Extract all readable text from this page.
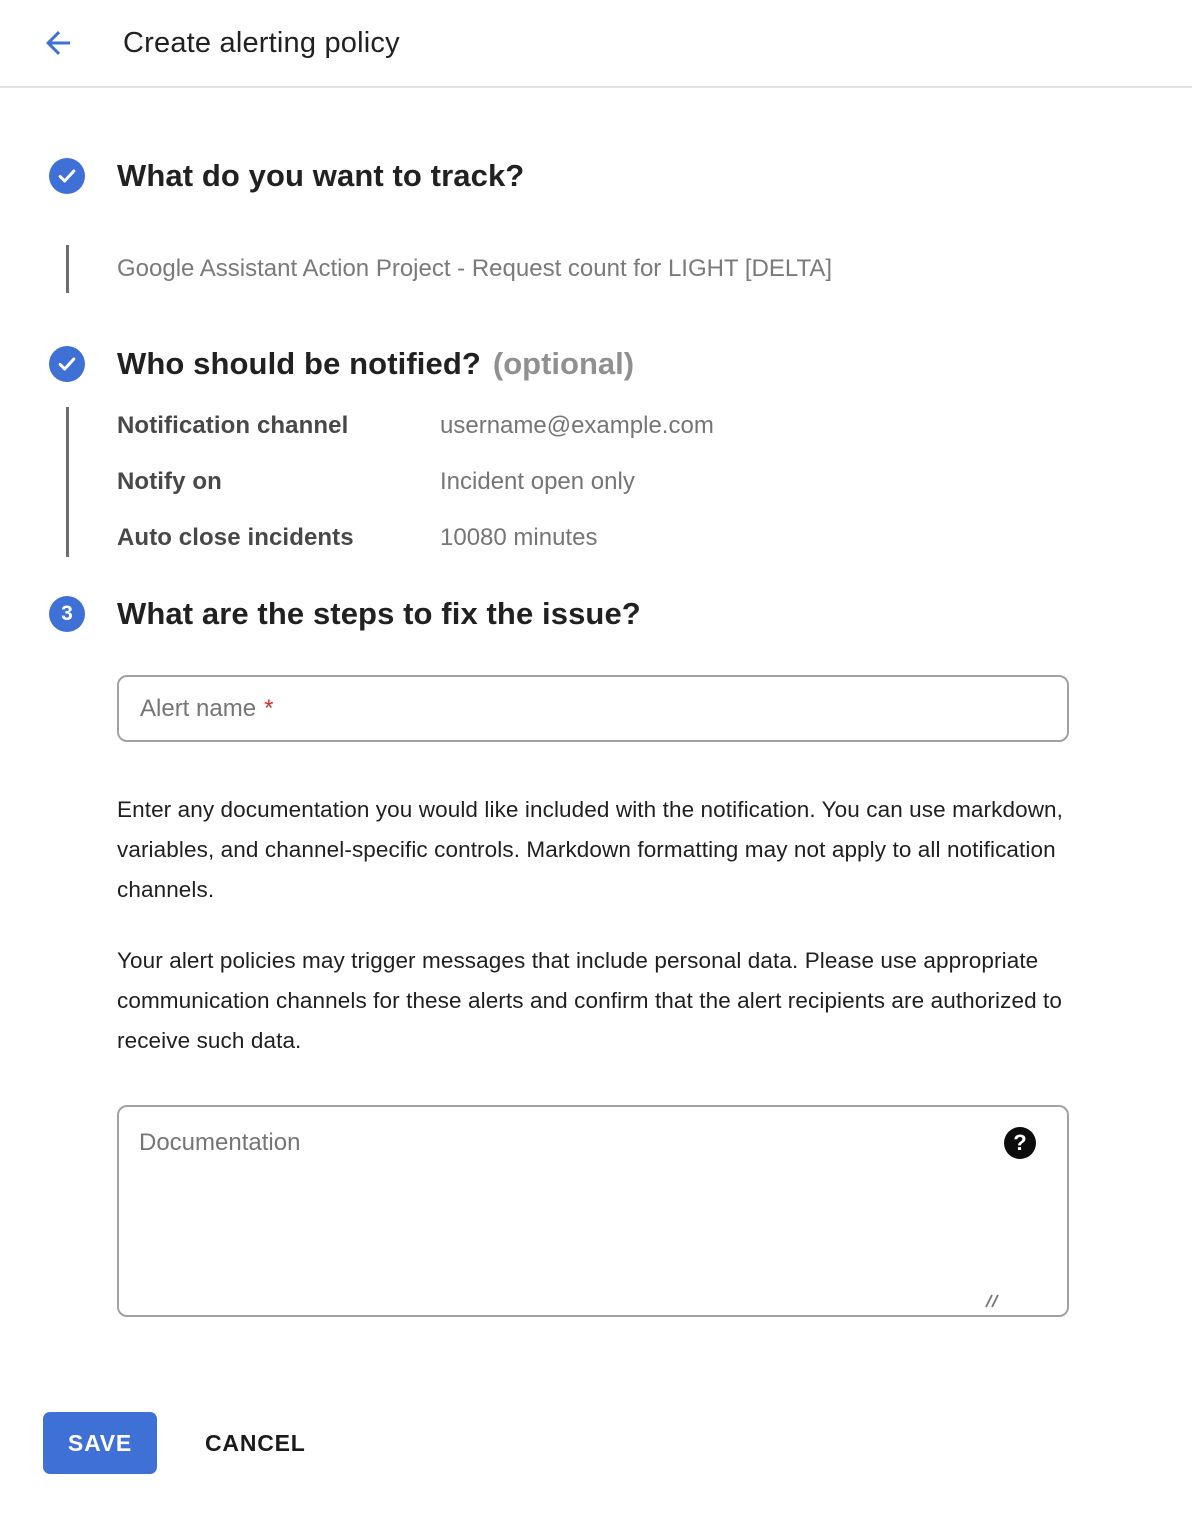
Create alerting policy
What do you want to track?
Google Assistant Action Project - Request count for LIGHT [DELTA]
Who should be notified? (optional)
Notification channel	username@example.com
Notify on	Incident open only
Auto close incidents	10080 minutes
3 What are the steps to fix the issue?
Alert name *
Enter any documentation you would like included with the notification. You can use markdown, variables, and channel-specific controls. Markdown formatting may not apply to all notification channels.
Your alert policies may trigger messages that include personal data. Please use appropriate communication channels for these alerts and confirm that the alert recipients are authorized to receive such data.
Documentation
?
SAVE	CANCEL
